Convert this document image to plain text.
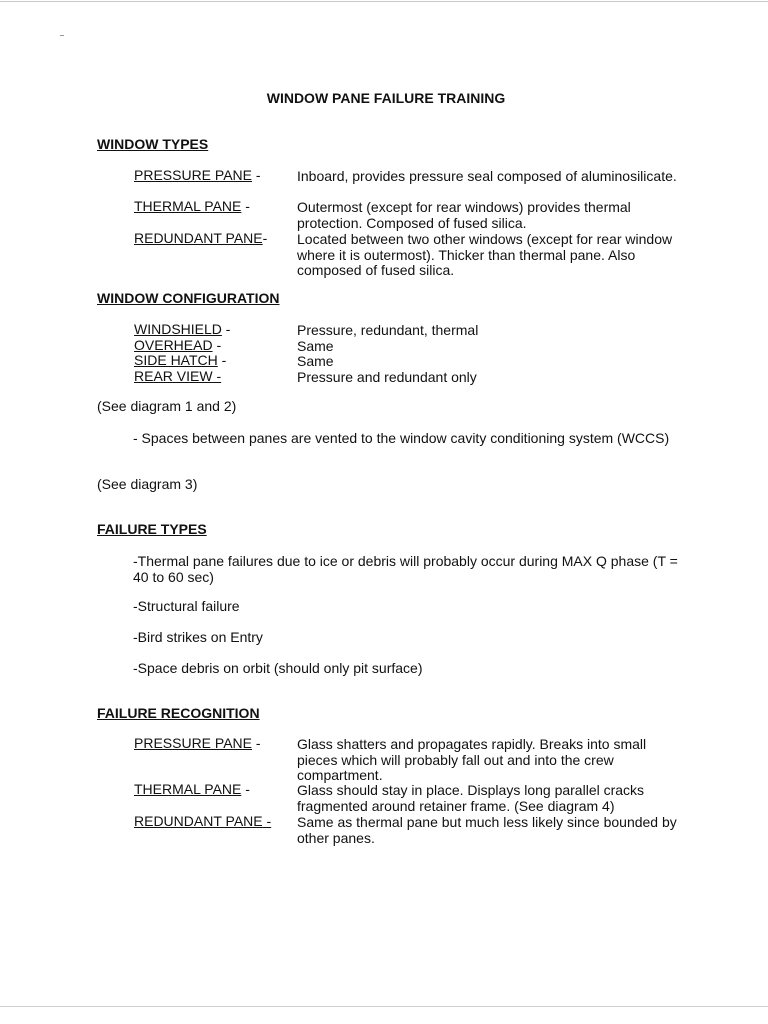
WINDOW PANE FAILURE TRAINING
WINDOW TYPES
PRESSURE PANE -	Inboard, provides pressure seal composed of aluminosilicate.
THERMAL PANE -	Outermost (except for rear windows) provides thermal protection. Composed of fused silica.
REDUNDANT PANE- Located between two other windows (except for rear window where it is outermost). Thicker than thermal pane. Also composed of fused silica.
WINDOW CONFIGURATION
WINDSHIELD -	Pressure, redundant, thermal
OVERHEAD -	Same
SIDE HATCH -	Same
REAR VIEW -	Pressure and redundant only
(See diagram 1 and 2)
- Spaces between panes are vented to the window cavity conditioning system (WCCS)
(See diagram 3)
FAILURE TYPES
-Thermal pane failures due to ice or debris will probably occur during MAX Q phase (T = 40 to 60 sec)
-Structural failure
-Bird strikes on Entry
-Space debris on orbit (should only pit surface)
FAILURE RECOGNITION
PRESSURE PANE -	Glass shatters and propagates rapidly. Breaks into small pieces which will probably fall out and into the crew compartment.
THERMAL PANE -	Glass should stay in place. Displays long parallel cracks fragmented around retainer frame. (See diagram 4)
REDUNDANT PANE - Same as thermal pane but much less likely since bounded by other panes.
